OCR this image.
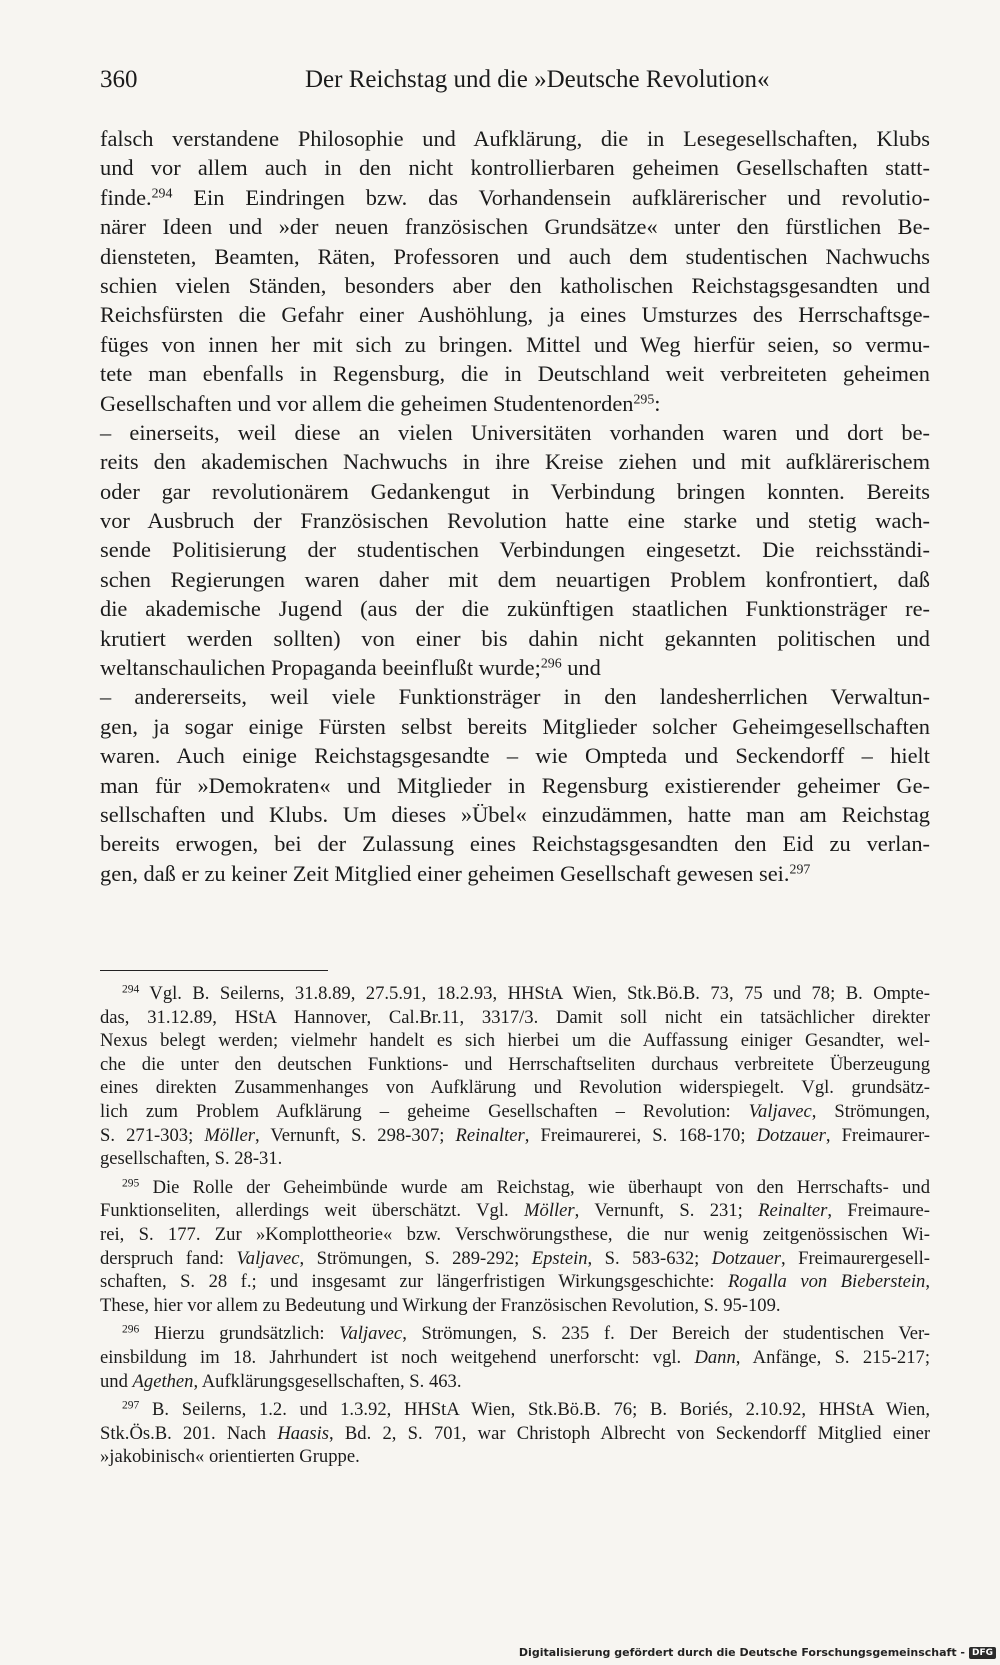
360	Der Reichstag und die »Deutsche Revolution«
falsch verstandene Philosophie und Aufklärung, die in Lesegesellschaften, Klubs
und vor allem auch in den nicht kontrollierbaren geheimen Gesellschaften statt-
finde.$^{294}$ Ein Eindringen bzw. das Vorhandensein aufklärerischer und revolutio-
närer Ideen und »der neuen französischen Grundsätze« unter den fürstlichen Be-
diensteten, Beamten, Räten, Professoren und auch dem studentischen Nachwuchs
schien vielen Ständen, besonders aber den katholischen Reichstagsgesandten und
Reichsfürsten die Gefahr einer Aushöhlung, ja eines Umsturzes des Herrschaftsge-
füges von innen her mit sich zu bringen. Mittel und Weg hierfür seien, so vermu-
tete man ebenfalls in Regensburg, die in Deutschland weit verbreiteten geheimen
Gesellschaften und vor allem die geheimen Studentenorden$^{295}$:
– einerseits, weil diese an vielen Universitäten vorhanden waren und dort be-
reits den akademischen Nachwuchs in ihre Kreise ziehen und mit aufklärerischem
oder gar revolutionärem Gedankengut in Verbindung bringen konnten. Bereits
vor Ausbruch der Französischen Revolution hatte eine starke und stetig wach-
sende Politisierung der studentischen Verbindungen eingesetzt. Die reichsständi-
schen Regierungen waren daher mit dem neuartigen Problem konfrontiert, daß
die akademische Jugend (aus der die zukünftigen staatlichen Funktionsträger re-
krutiert werden sollten) von einer bis dahin nicht gekannten politischen und
weltanschaulichen Propaganda beeinflußt wurde;$^{296}$ und
– andererseits, weil viele Funktionsträger in den landesherrlichen Verwaltun-
gen, ja sogar einige Fürsten selbst bereits Mitglieder solcher Geheimgesellschaften
waren. Auch einige Reichstagsgesandte – wie Ompteda und Seckendorff – hielt
man für »Demokraten« und Mitglieder in Regensburg existierender geheimer Ge-
sellschaften und Klubs. Um dieses »Übel« einzudämmen, hatte man am Reichstag
bereits erwogen, bei der Zulassung eines Reichstagsgesandten den Eid zu verlan-
gen, daß er zu keiner Zeit Mitglied einer geheimen Gesellschaft gewesen sei.$^{297}$
$^{294}$ Vgl. B. Seilerns, 31.8.89, 27.5.91, 18.2.93, HHStA Wien, Stk.Bö.B. 73, 75 und 78; B. Ompte-
das, 31.12.89, HStA Hannover, Cal.Br.11, 3317/3. Damit soll nicht ein tatsächlicher direkter
Nexus belegt werden; vielmehr handelt es sich hierbei um die Auffassung einiger Gesandter, wel-
che die unter den deutschen Funktions- und Herrschaftseliten durchaus verbreitete Überzeugung
eines direkten Zusammenhanges von Aufklärung und Revolution widerspiegelt. Vgl. grundsätz-
lich zum Problem Aufklärung – geheime Gesellschaften – Revolution: Valjavec, Strömungen,
S. 271-303; Möller, Vernunft, S. 298-307; Reinalter, Freimaurerei, S. 168-170; Dotzauer, Freimaurer-
gesellschaften, S. 28-31.
$^{295}$ Die Rolle der Geheimbünde wurde am Reichstag, wie überhaupt von den Herrschafts- und
Funktionseliten, allerdings weit überschätzt. Vgl. Möller, Vernunft, S. 231; Reinalter, Freimaure-
rei, S. 177. Zur »Komplottheorie« bzw. Verschwörungsthese, die nur wenig zeitgenössischen Wi-
derspruch fand: Valjavec, Strömungen, S. 289-292; Epstein, S. 583-632; Dotzauer, Freimaurergesell-
schaften, S. 28 f.; und insgesamt zur längerfristigen Wirkungsgeschichte: Rogalla von Bieberstein,
These, hier vor allem zu Bedeutung und Wirkung der Französischen Revolution, S. 95-109.
$^{296}$ Hierzu grundsätzlich: Valjavec, Strömungen, S. 235 f. Der Bereich der studentischen Ver-
einsbildung im 18. Jahrhundert ist noch weitgehend unerforscht: vgl. Dann, Anfänge, S. 215-217;
und Agethen, Aufklärungsgesellschaften, S. 463.
$^{297}$ B. Seilerns, 1.2. und 1.3.92, HHStA Wien, Stk.Bö.B. 76; B. Boriés, 2.10.92, HHStA Wien,
Stk.Ös.B. 201. Nach Haasis, Bd. 2, S. 701, war Christoph Albrecht von Seckendorff Mitglied einer
»jakobinisch« orientierten Gruppe.
Digitalisierung gefördert durch die Deutsche Forschungsgemeinschaft - DFG
